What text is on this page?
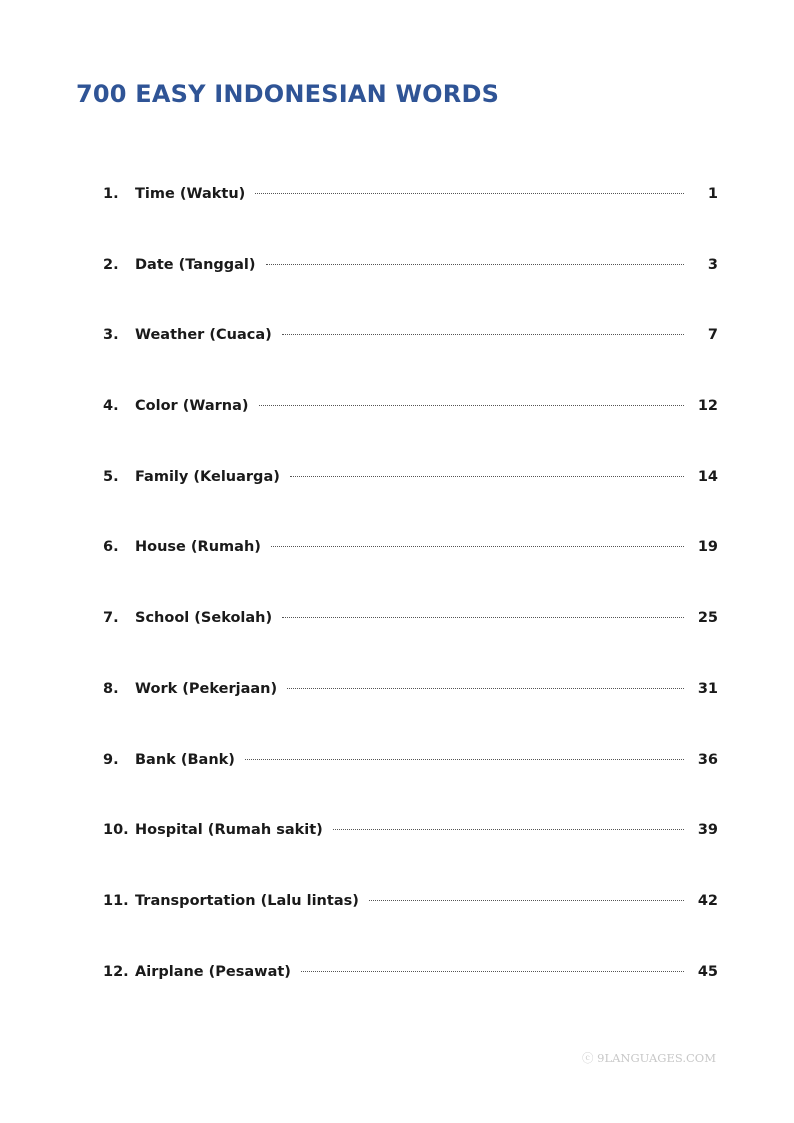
700 EASY INDONESIAN WORDS
1.	Time (Waktu)	1
2.	Date (Tanggal)	3
3.	Weather (Cuaca)	7
4.	Color (Warna)	12
5.	Family (Keluarga)	14
6.	House (Rumah)	19
7.	School (Sekolah)	25
8.	Work (Pekerjaan)	31
9.	Bank (Bank)	36
10. Hospital (Rumah sakit)	39
11. Transportation (Lalu lintas)	42
12. Airplane (Pesawat)	45
ⓒ 9LANGUAGES.COM
